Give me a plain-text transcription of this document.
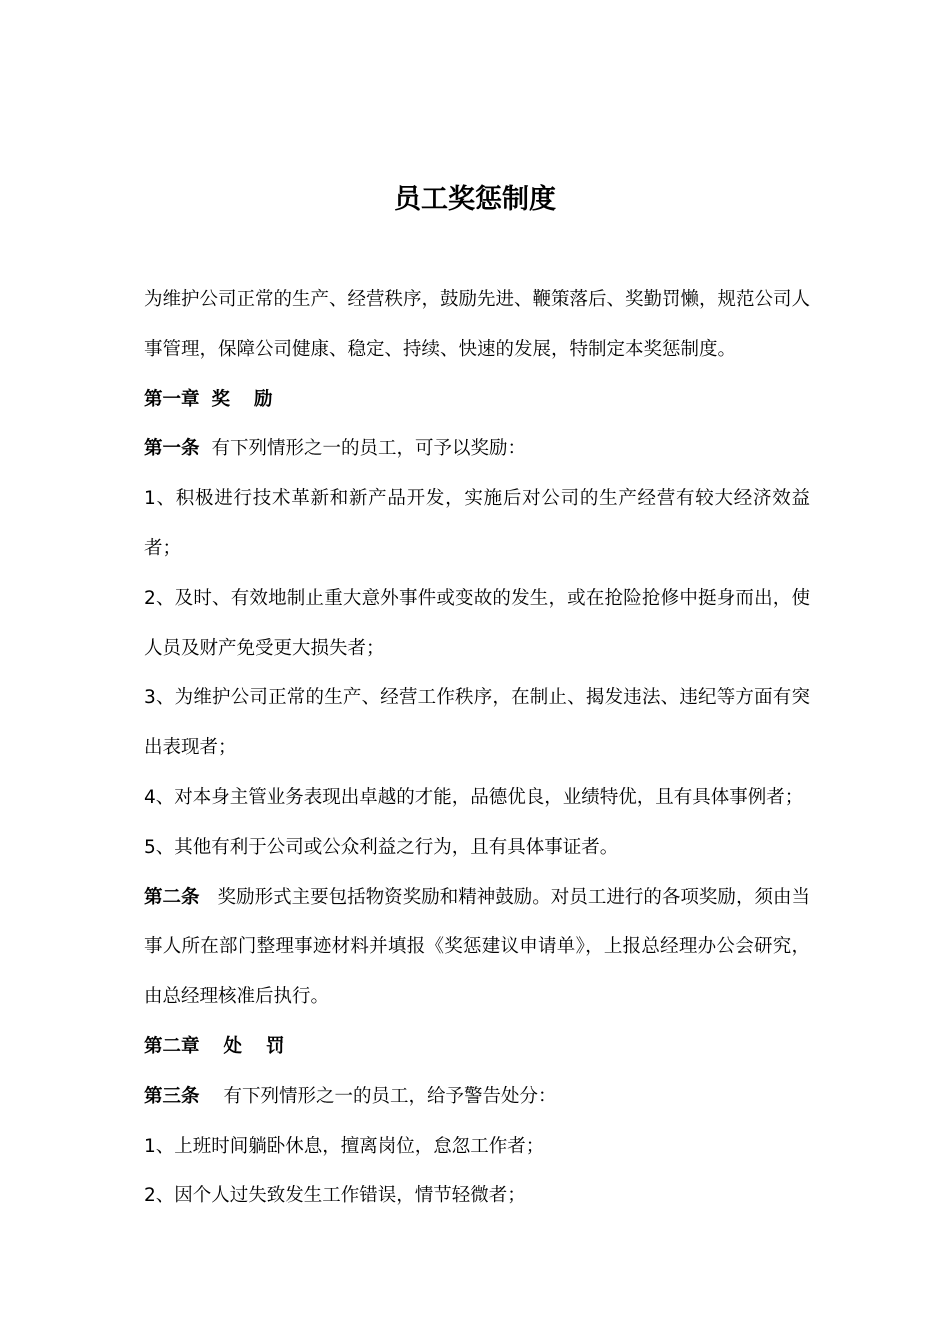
员工奖惩制度

为维护公司正常的生产、经营秩序，鼓励先进、鞭策落后、奖勤罚懒，规范公司人事管理，保障公司健康、稳定、持续、快速的发展，特制定本奖惩制度。

第一章 奖 励

第一条 有下列情形之一的员工，可予以奖励：

1、积极进行技术革新和新产品开发，实施后对公司的生产经营有较大经济效益者；

2、及时、有效地制止重大意外事件或变故的发生，或在抢险抢修中挺身而出，使人员及财产免受更大损失者；

3、为维护公司正常的生产、经营工作秩序，在制止、揭发违法、违纪等方面有突出表现者；

4、对本身主管业务表现出卓越的才能，品德优良，业绩特优，且有具体事例者；

5、其他有利于公司或公众利益之行为，且有具体事证者。

第二条 奖励形式主要包括物资奖励和精神鼓励。对员工进行的各项奖励，须由当事人所在部门整理事迹材料并填报《奖惩建议申请单》，上报总经理办公会研究，由总经理核准后执行。

第二章 处 罚

第三条 有下列情形之一的员工，给予警告处分：

1、上班时间躺卧休息，擅离岗位，怠忽工作者；

2、因个人过失致发生工作错误，情节轻微者；
